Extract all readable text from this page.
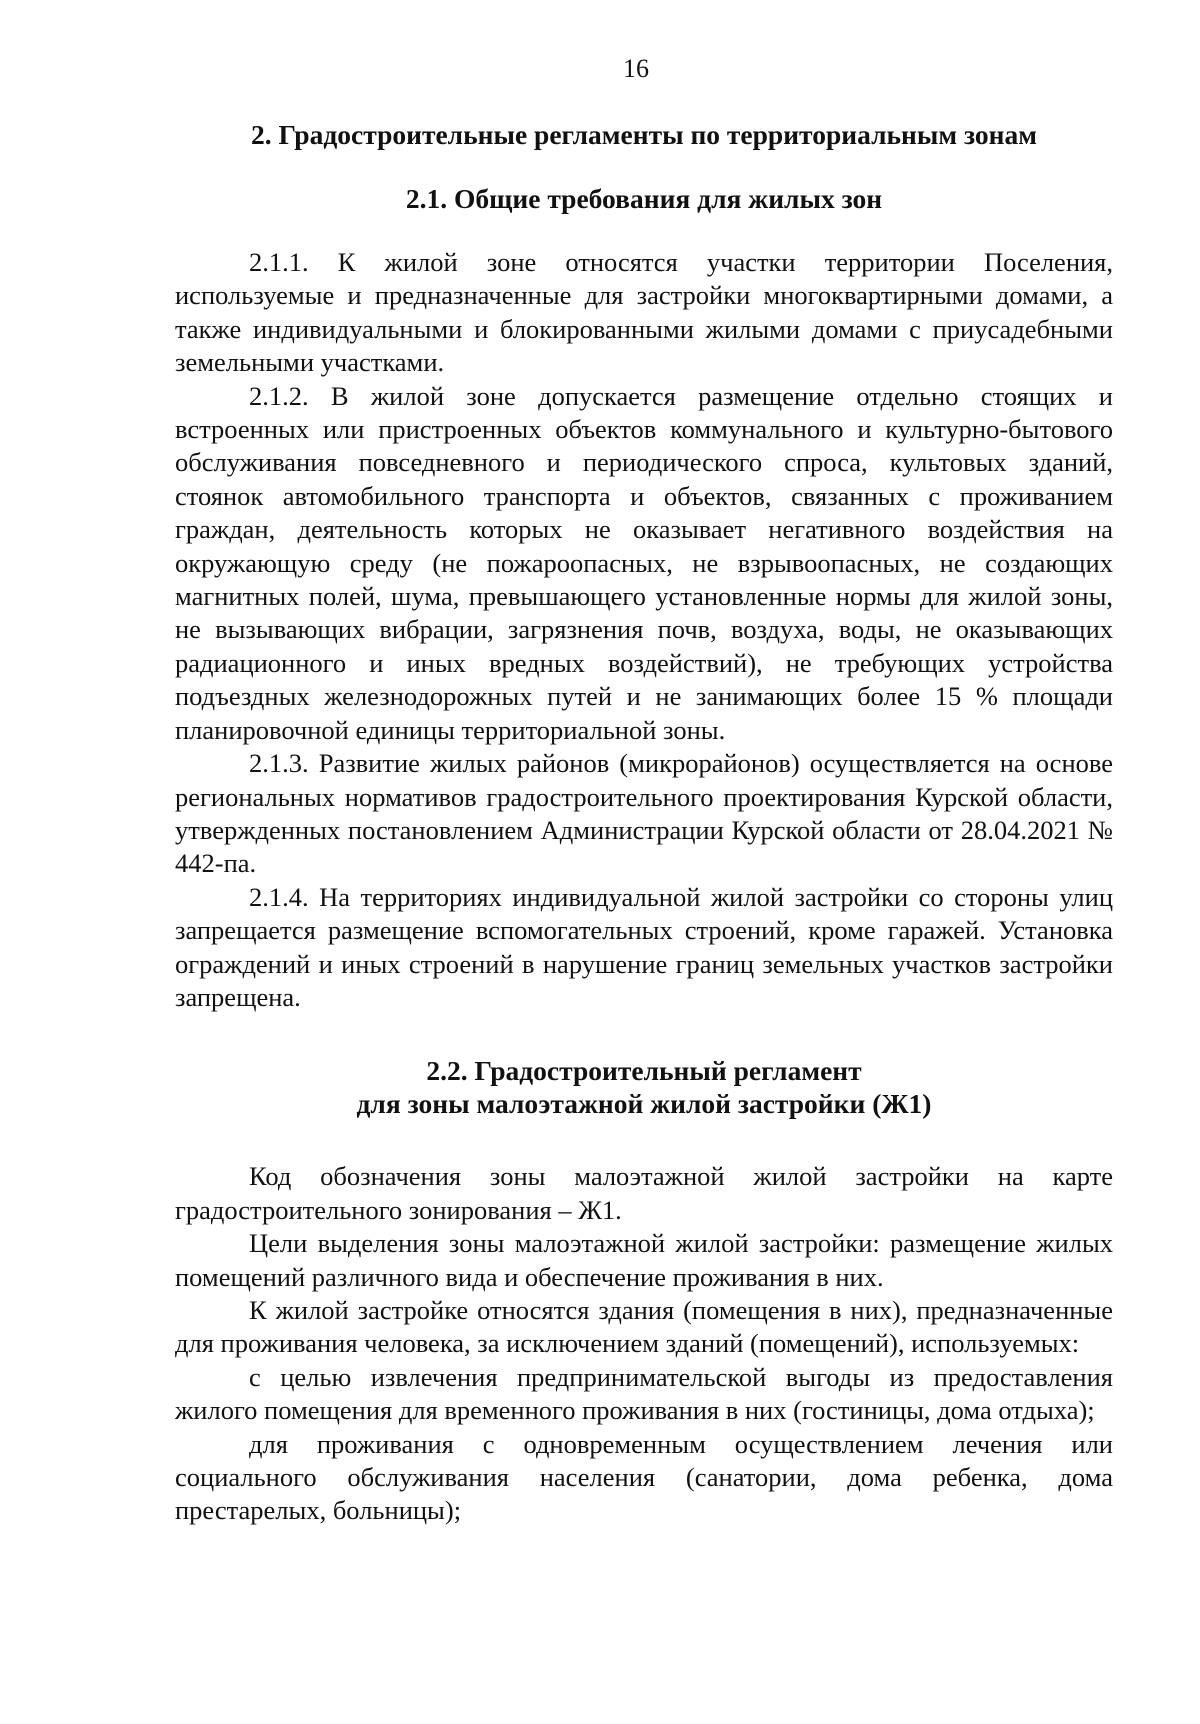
16
2. Градостроительные регламенты по территориальным зонам
2.1. Общие требования для жилых зон

2.1.1. К жилой зоне относятся участки территории Поселения, используемые и предназначенные для застройки многоквартирными домами, а также индивидуальными и блокированными жилыми домами с приусадебными земельными участками.

2.1.2. В жилой зоне допускается размещение отдельно стоящих и встроенных или пристроенных объектов коммунального и культурно-бытового обслуживания повседневного и периодического спроса, культовых зданий, стоянок автомобильного транспорта и объектов, связанных с проживанием граждан, деятельность которых не оказывает негативного воздействия на окружающую среду (не пожароопасных, не взрывоопасных, не создающих магнитных полей, шума, превышающего установленные нормы для жилой зоны, не вызывающих вибрации, загрязнения почв, воздуха, воды, не оказывающих радиационного и иных вредных воздействий), не требующих устройства подъездных железнодорожных путей и не занимающих более 15 % площади планировочной единицы территориальной зоны.

2.1.3. Развитие жилых районов (микрорайонов) осуществляется на основе региональных нормативов градостроительного проектирования Курской области, утвержденных постановлением Администрации Курской области от 28.04.2021 № 442-па.

2.1.4. На территориях индивидуальной жилой застройки со стороны улиц запрещается размещение вспомогательных строений, кроме гаражей. Установка ограждений и иных строений в нарушение границ земельных участков застройки запрещена.

2.2. Градостроительный регламент
для зоны малоэтажной жилой застройки (Ж1)

Код обозначения зоны малоэтажной жилой застройки на карте градостроительного зонирования – Ж1.

Цели выделения зоны малоэтажной жилой застройки: размещение жилых помещений различного вида и обеспечение проживания в них.

К жилой застройке относятся здания (помещения в них), предназначенные для проживания человека, за исключением зданий (помещений), используемых:

с целью извлечения предпринимательской выгоды из предоставления жилого помещения для временного проживания в них (гостиницы, дома отдыха);

для проживания с одновременным осуществлением лечения или социального обслуживания населения (санатории, дома ребенка, дома престарелых, больницы);
